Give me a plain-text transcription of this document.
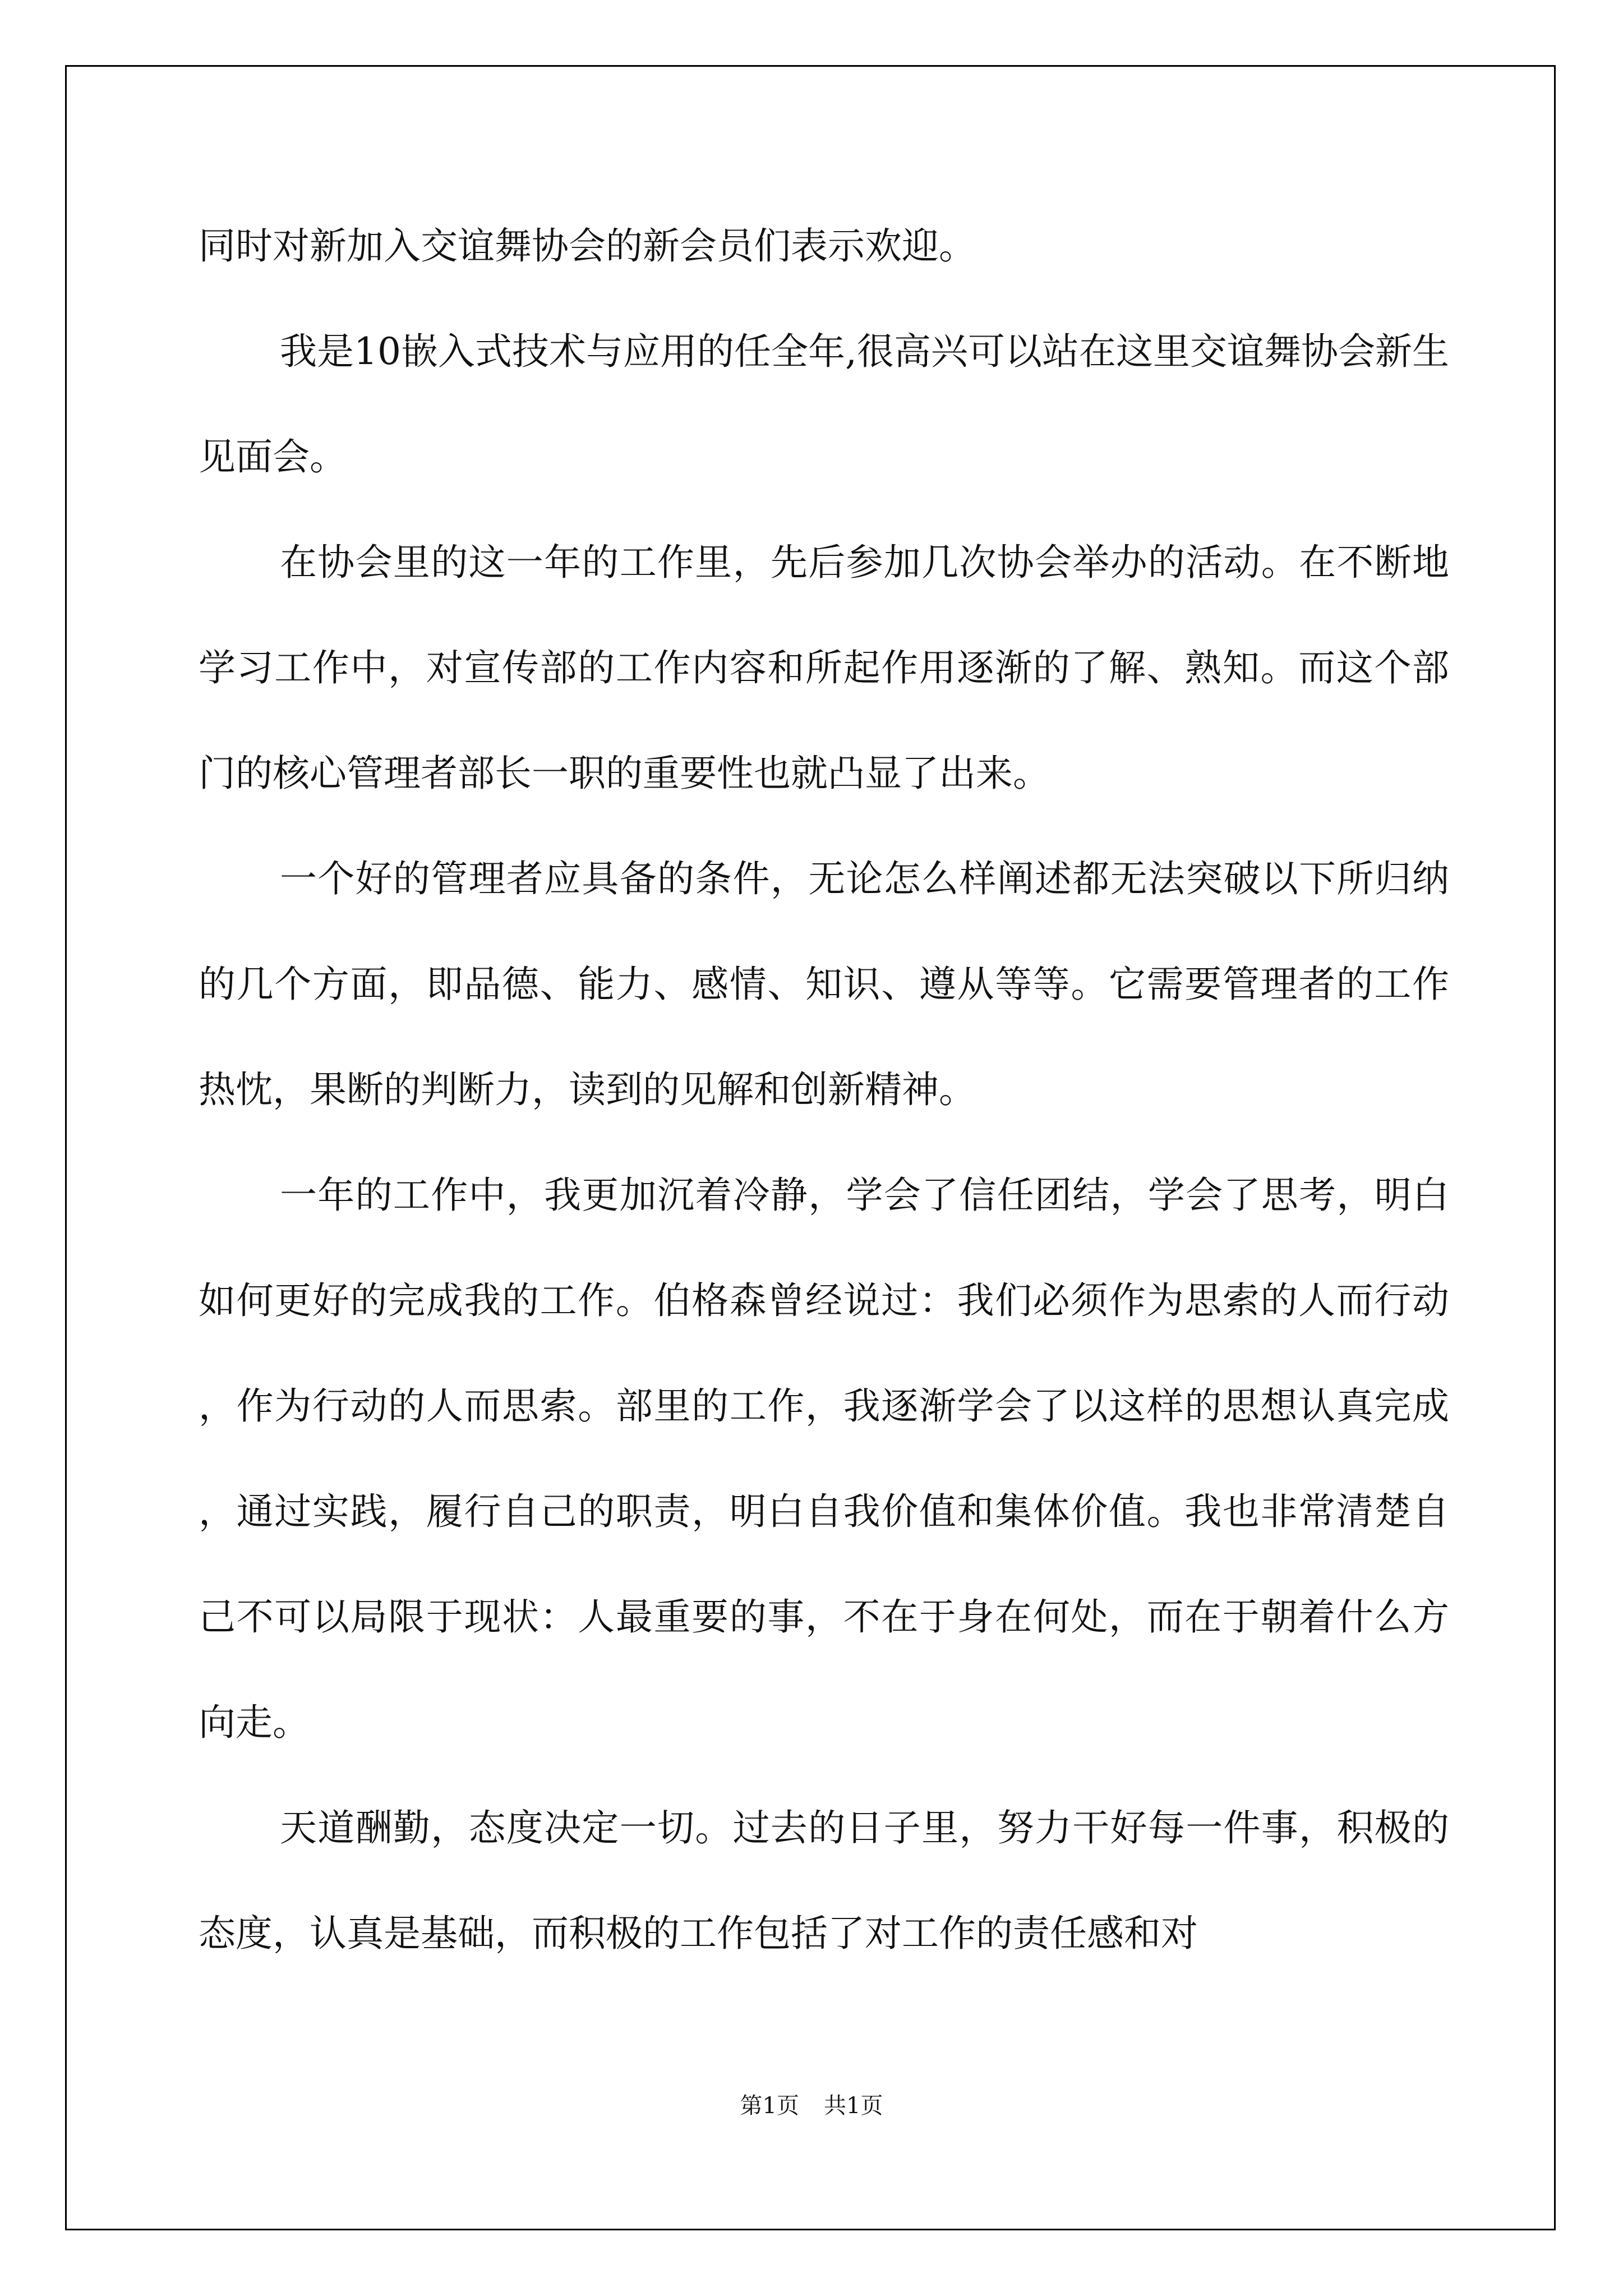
同时对新加入交谊舞协会的新会员们表示欢迎。

我是10嵌入式技术与应用的任全年,很高兴可以站在这里交谊舞协会新生见面会。

在协会里的这一年的工作里，先后参加几次协会举办的活动。在不断地学习工作中，对宣传部的工作内容和所起作用逐渐的了解、熟知。而这个部门的核心管理者部长一职的重要性也就凸显了出来。

一个好的管理者应具备的条件，无论怎么样阐述都无法突破以下所归纳的几个方面，即品德、能力、感情、知识、遵从等等。它需要管理者的工作热忱，果断的判断力，读到的见解和创新精神。

一年的工作中，我更加沉着冷静，学会了信任团结，学会了思考，明白如何更好的完成我的工作。伯格森曾经说过：我们必须作为思索的人而行动，作为行动的人而思索。部里的工作，我逐渐学会了以这样的思想认真完成，通过实践，履行自己的职责，明白自我价值和集体价值。我也非常清楚自己不可以局限于现状：人最重要的事，不在于身在何处，而在于朝着什么方向走。

天道酬勤，态度决定一切。过去的日子里，努力干好每一件事，积极的态度，认真是基础，而积极的工作包括了对工作的责任感和对

第1页 共1页
